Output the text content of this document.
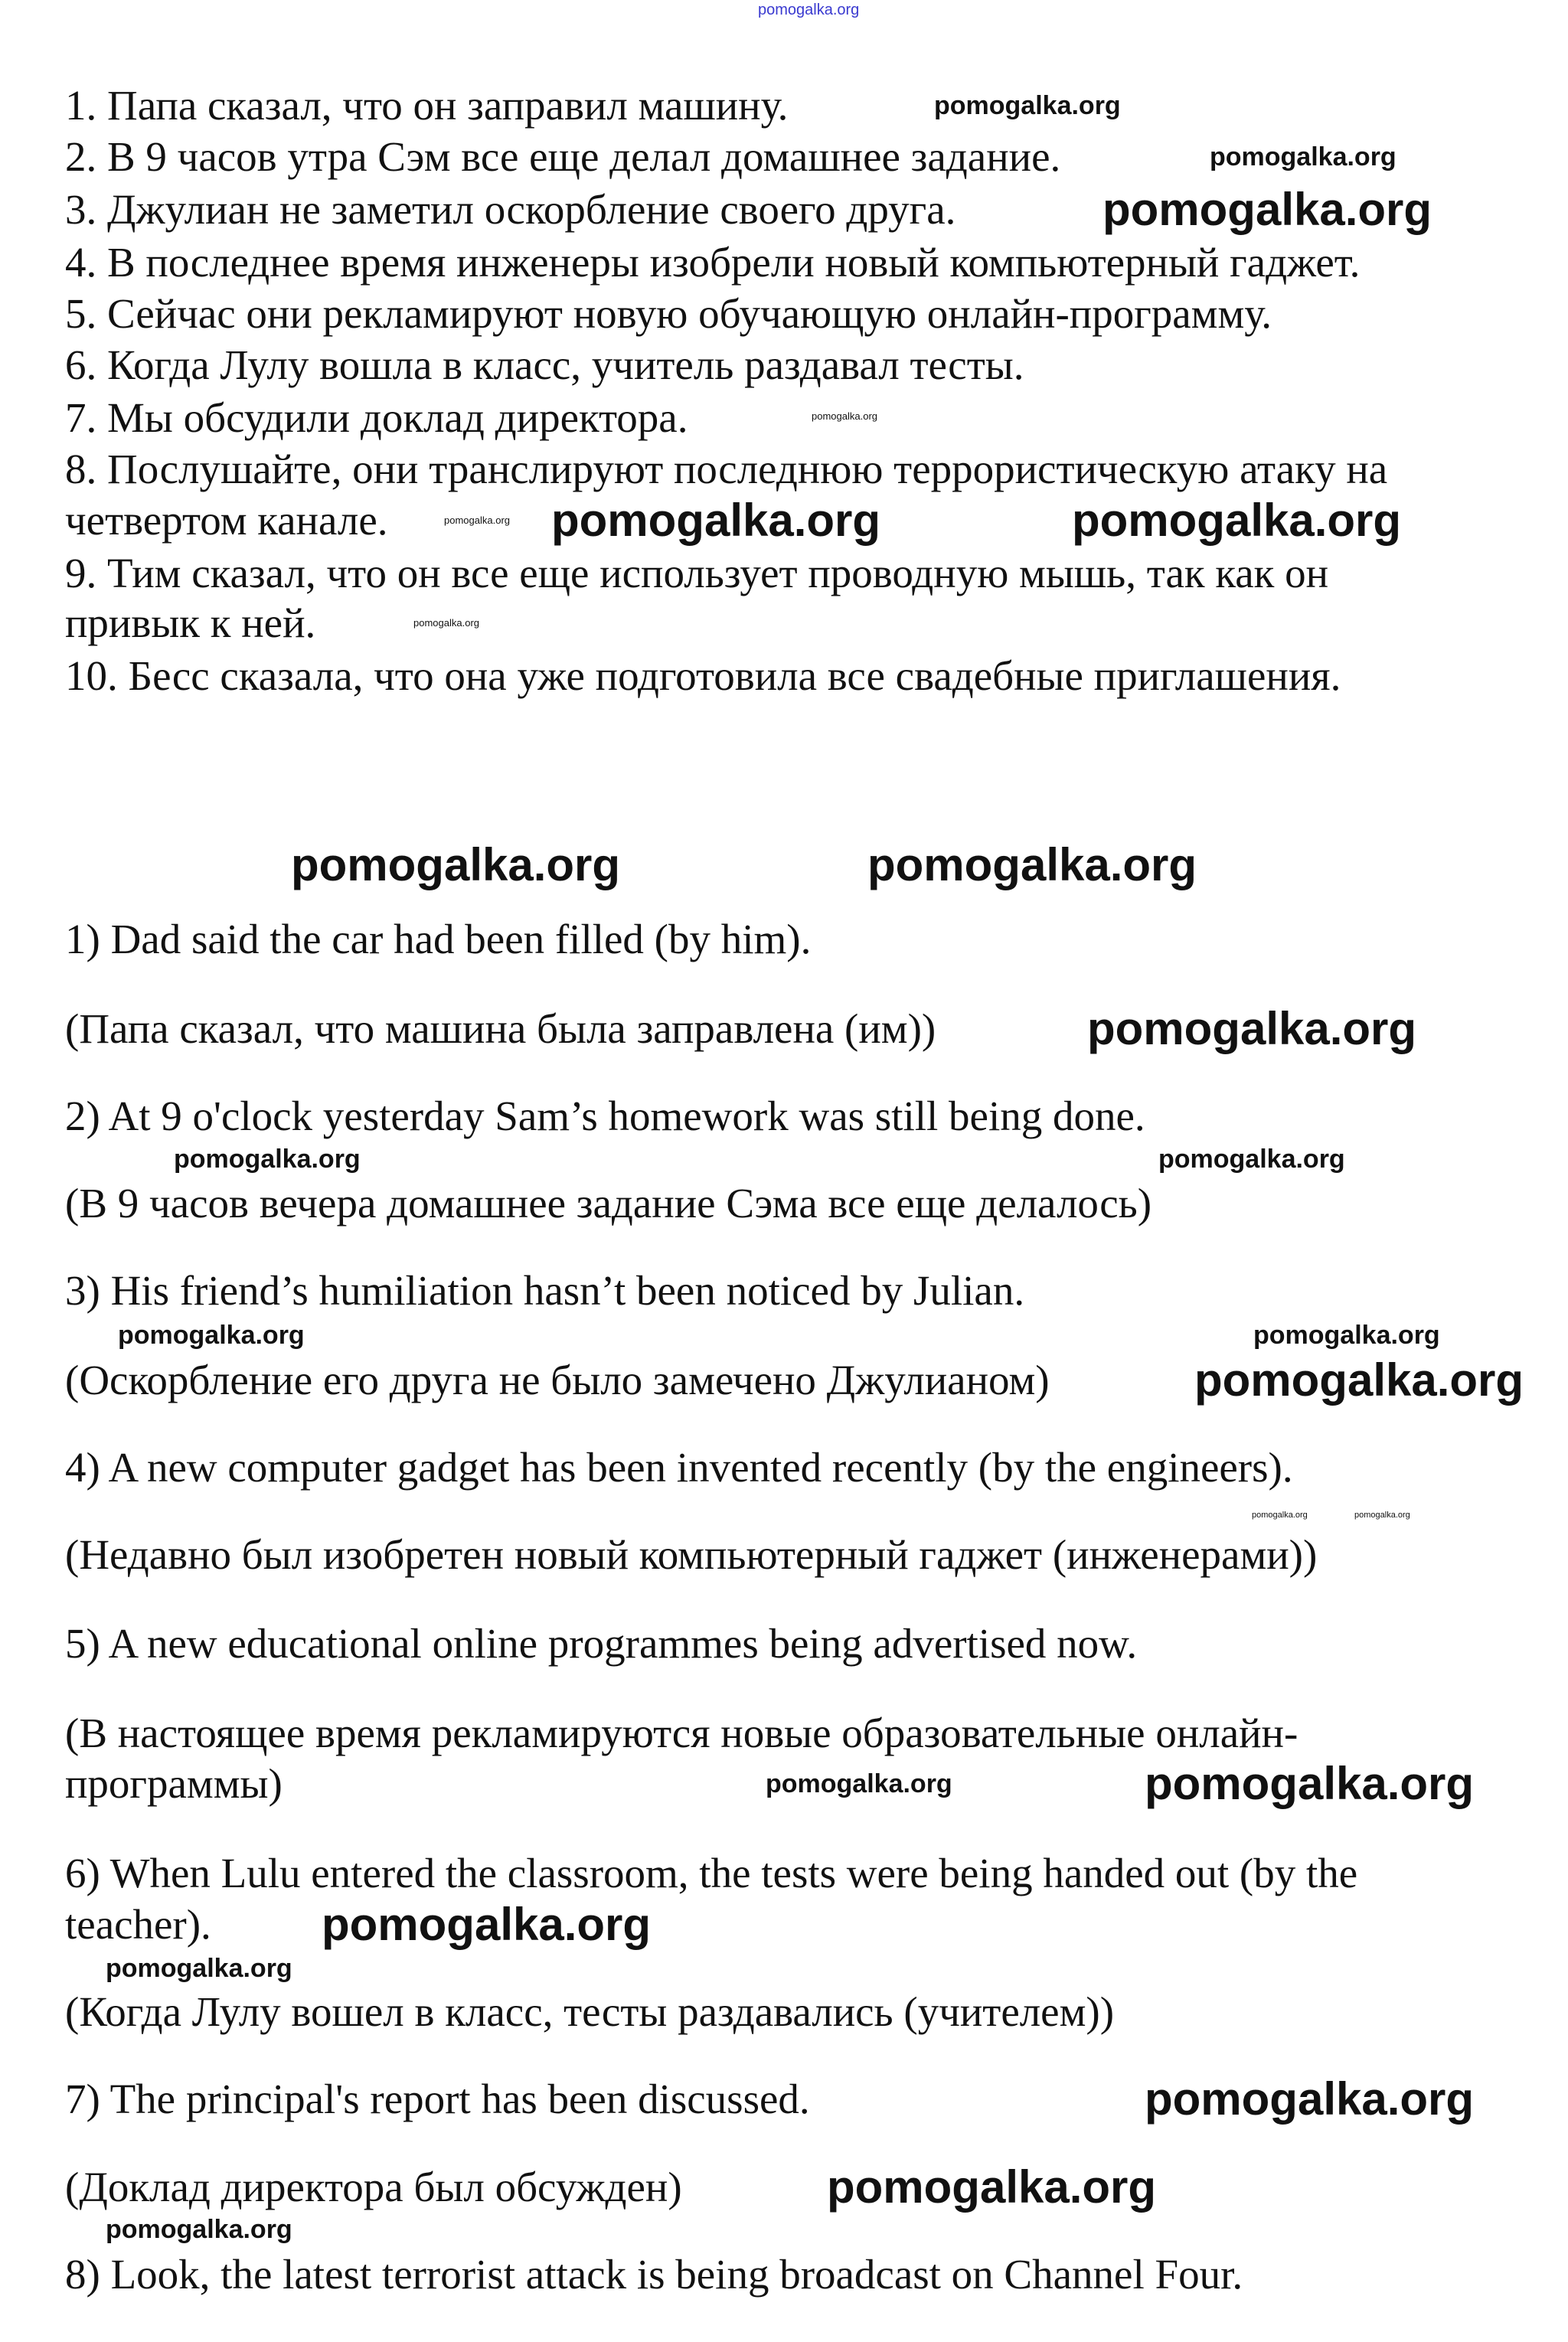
pomogalka.org
1. Папа сказал, что он заправил машину.
2. В 9 часов утра Сэм все еще делал домашнее задание.
3. Джулиан не заметил оскорбление своего друга.
4. В последнее время инженеры изобрели новый компьютерный гаджет.
5. Сейчас они рекламируют новую обучающую онлайн-программу.
6. Когда Лулу вошла в класс, учитель раздавал тесты.
7. Мы обсудили доклад директора.
8. Послушайте, они транслируют последнюю террористическую атаку на
четвертом канале.
9. Тим сказал, что он все еще использует проводную мышь, так как он
привык к ней.
10. Бесс сказала, что она уже подготовила все свадебные приглашения.
1) Dad said the car had been filled (by him).
(Папа сказал, что машина была заправлена (им))
2) At 9 o'clock yesterday Sam’s homework was still being done.
(В 9 часов вечера домашнее задание Сэма все еще делалось)
3) His friend’s humiliation hasn’t been noticed by Julian.
(Оскорбление его друга не было замечено Джулианом)
4) A new computer gadget has been invented recently (by the engineers).
(Недавно был изобретен новый компьютерный гаджет (инженерами))
5) A new educational online programmes being advertised now.
(В настоящее время рекламируются новые образовательные онлайн-
программы)
6) When Lulu entered the classroom, the tests were being handed out (by the
teacher).
(Когда Лулу вошел в класс, тесты раздавались (учителем))
7) The principal's report has been discussed.
(Доклад директора был обсужден)
8) Look, the latest terrorist attack is being broadcast on Channel Four.
pomogalka.org
pomogalka.org
pomogalka.org
pomogalka.org
pomogalka.org pomogalka.org	pomogalka.org
pomogalka.org
pomogalka.org	pomogalka.org
pomogalka.org
pomogalka.org
pomogalka.org
pomogalka.org	pomogalka.org
pomogalka.org
pomogalka.org	pomogalka.org
pomogalka.org
pomogalka.org	pomogalka.org
pomogalka.org
pomogalka.org
pomogalka.org
pomogalka.org
